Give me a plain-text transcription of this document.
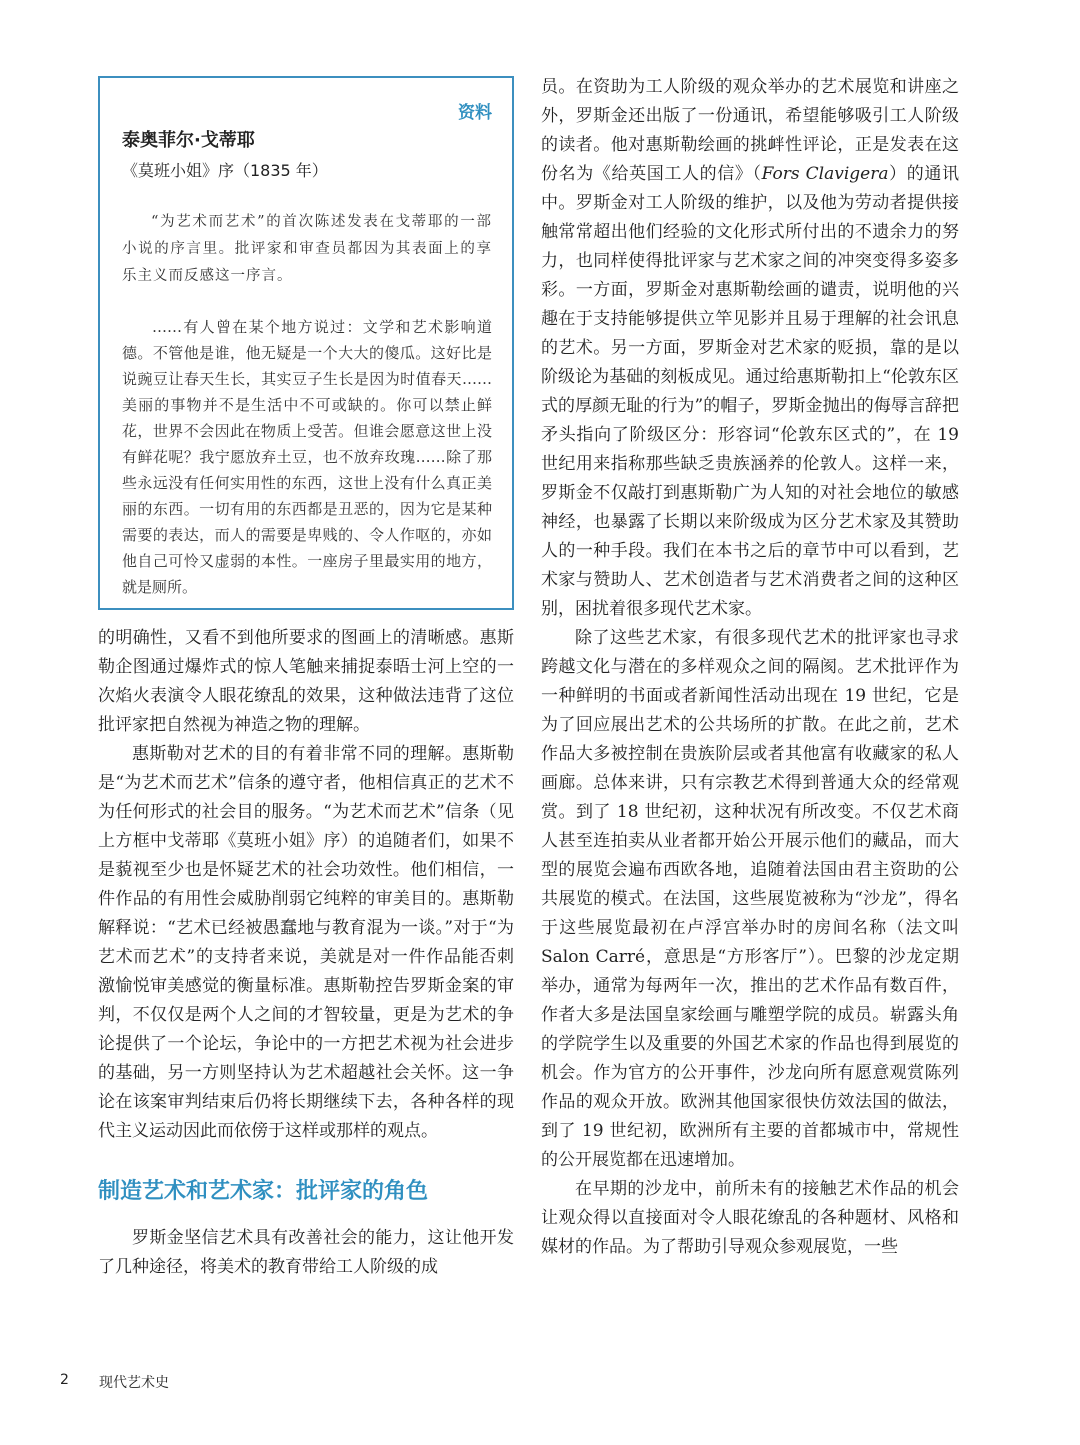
资料
泰奥菲尔·戈蒂耶
《莫班小姐》序（1835 年）

“为艺术而艺术”的首次陈述发表在戈蒂耶的一部小说的序言里。批评家和审查员都因为其表面上的享乐主义而反感这一序言。

……有人曾在某个地方说过：文学和艺术影响道德。不管他是谁，他无疑是一个大大的傻瓜。这好比是说豌豆让春天生长，其实豆子生长是因为时值春天……美丽的事物并不是生活中不可或缺的。你可以禁止鲜花，世界不会因此在物质上受苦。但谁会愿意这世上没有鲜花呢？我宁愿放弃土豆，也不放弃玫瑰……除了那些永远没有任何实用性的东西，这世上没有什么真正美丽的东西。一切有用的东西都是丑恶的，因为它是某种需要的表达，而人的需要是卑贱的、令人作呕的，亦如他自己可怜又虚弱的本性。一座房子里最实用的地方，就是厕所。

的明确性，又看不到他所要求的图画上的清晰感。惠斯勒企图通过爆炸式的惊人笔触来捕捉泰晤士河上空的一次焰火表演令人眼花缭乱的效果，这种做法违背了这位批评家把自然视为神造之物的理解。

惠斯勒对艺术的目的有着非常不同的理解。惠斯勒是“为艺术而艺术”信条的遵守者，他相信真正的艺术不为任何形式的社会目的服务。“为艺术而艺术”信条（见上方框中戈蒂耶《莫班小姐》序）的追随者们，如果不是藐视至少也是怀疑艺术的社会功效性。他们相信，一件作品的有用性会威胁削弱它纯粹的审美目的。惠斯勒解释说：“艺术已经被愚蠢地与教育混为一谈。”对于“为艺术而艺术”的支持者来说，美就是对一件作品能否刺激愉悦审美感觉的衡量标准。惠斯勒控告罗斯金案的审判，不仅仅是两个人之间的才智较量，更是为艺术的争论提供了一个论坛，争论中的一方把艺术视为社会进步的基础，另一方则坚持认为艺术超越社会关怀。这一争论在该案审判结束后仍将长期继续下去，各种各样的现代主义运动因此而依傍于这样或那样的观点。

制造艺术和艺术家：批评家的角色

罗斯金坚信艺术具有改善社会的能力，这让他开发了几种途径，将美术的教育带给工人阶级的成

员。在资助为工人阶级的观众举办的艺术展览和讲座之外，罗斯金还出版了一份通讯，希望能够吸引工人阶级的读者。他对惠斯勒绘画的挑衅性评论，正是发表在这份名为《给英国工人的信》（Fors Clavigera）的通讯中。罗斯金对工人阶级的维护，以及他为劳动者提供接触常常超出他们经验的文化形式所付出的不遗余力的努力，也同样使得批评家与艺术家之间的冲突变得多姿多彩。一方面，罗斯金对惠斯勒绘画的谴责，说明他的兴趣在于支持能够提供立竿见影并且易于理解的社会讯息的艺术。另一方面，罗斯金对艺术家的贬损，靠的是以阶级论为基础的刻板成见。通过给惠斯勒扣上“伦敦东区式的厚颜无耻的行为”的帽子，罗斯金抛出的侮辱言辞把矛头指向了阶级区分：形容词“伦敦东区式的”，在 19 世纪用来指称那些缺乏贵族涵养的伦敦人。这样一来，罗斯金不仅敲打到惠斯勒广为人知的对社会地位的敏感神经，也暴露了长期以来阶级成为区分艺术家及其赞助人的一种手段。我们在本书之后的章节中可以看到，艺术家与赞助人、艺术创造者与艺术消费者之间的这种区别，困扰着很多现代艺术家。

除了这些艺术家，有很多现代艺术的批评家也寻求跨越文化与潜在的多样观众之间的隔阂。艺术批评作为一种鲜明的书面或者新闻性活动出现在 19 世纪，它是为了回应展出艺术的公共场所的扩散。在此之前，艺术作品大多被控制在贵族阶层或者其他富有收藏家的私人画廊。总体来讲，只有宗教艺术得到普通大众的经常观赏。到了 18 世纪初，这种状况有所改变。不仅艺术商人甚至连拍卖从业者都开始公开展示他们的藏品，而大型的展览会遍布西欧各地，追随着法国由君主资助的公共展览的模式。在法国，这些展览被称为“沙龙”，得名于这些展览最初在卢浮宫举办时的房间名称（法文叫 Salon Carré，意思是“方形客厅”）。巴黎的沙龙定期举办，通常为每两年一次，推出的艺术作品有数百件，作者大多是法国皇家绘画与雕塑学院的成员。崭露头角的学院学生以及重要的外国艺术家的作品也得到展览的机会。作为官方的公开事件，沙龙向所有愿意观赏陈列作品的观众开放。欧洲其他国家很快仿效法国的做法，到了 19 世纪初，欧洲所有主要的首都城市中，常规性的公开展览都在迅速增加。

在早期的沙龙中，前所未有的接触艺术作品的机会让观众得以直接面对令人眼花缭乱的各种题材、风格和媒材的作品。为了帮助引导观众参观展览，一些

2 现代艺术史
